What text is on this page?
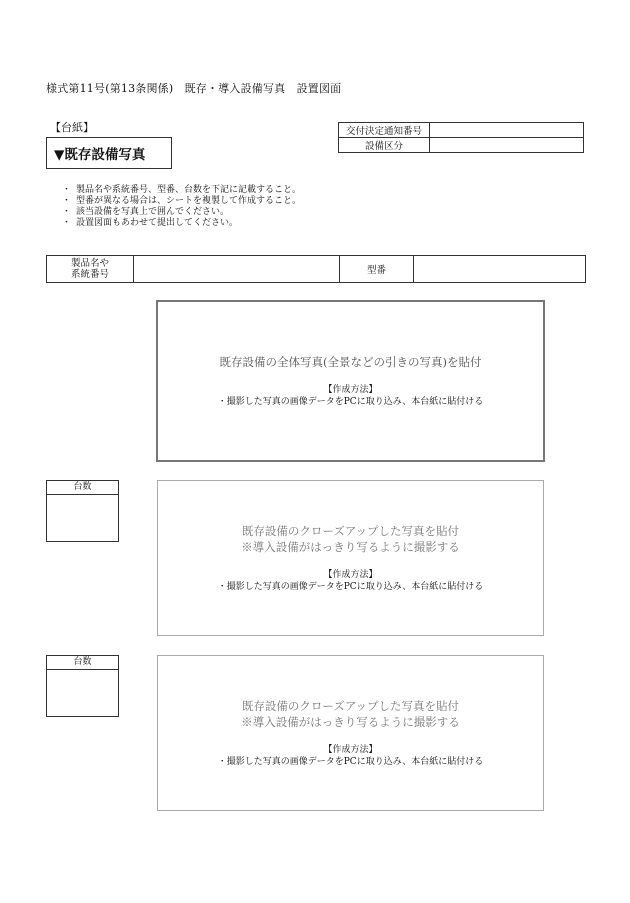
様式第11号(第13条関係)　既存・導入設備写真　設置図面
【台紙】
▼既存設備写真
交付決定通知番号	
設備区分	
・ 製品名や系統番号、型番、台数を下記に記載すること。
・ 型番が異なる場合は、シートを複製して作成すること。
・ 該当設備を写真上で囲んでください。
・ 設置図面もあわせて提出してください。
製品名や
系統番号		型番	
既存設備の全体写真(全景などの引きの写真)を貼付
【作成方法】
・撮影した写真の画像データをPCに取り込み、本台紙に貼付ける
台数
既存設備のクローズアップした写真を貼付
※導入設備がはっきり写るように撮影する
【作成方法】
・撮影した写真の画像データをPCに取り込み、本台紙に貼付ける
台数
既存設備のクローズアップした写真を貼付
※導入設備がはっきり写るように撮影する
【作成方法】
・撮影した写真の画像データをPCに取り込み、本台紙に貼付ける
